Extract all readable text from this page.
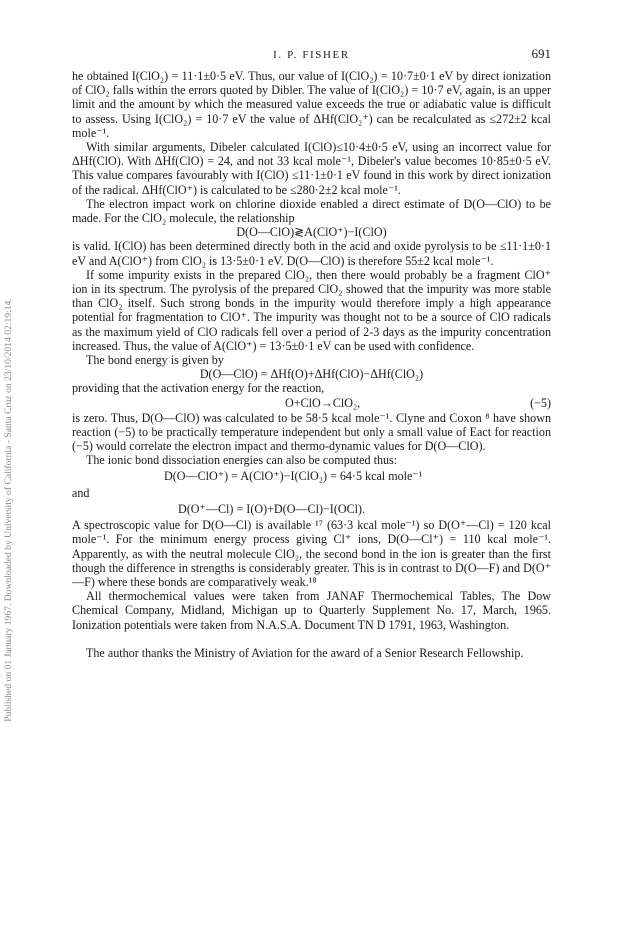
Published on 01 January 1967. Downloaded by University of California - Santa Cruz on 23/10/2014 02:19:14.
I. P. FISHER	691

he obtained I(ClO₂) = 11·1±0·5 eV. Thus, our value of I(ClO₂) = 10·7±0·1 eV by direct ionization of ClO₂ falls within the errors quoted by Dibler. The value of I(ClO₂) = 10·7 eV, again, is an upper limit and the amount by which the measured value exceeds the true or adiabatic value is difficult to assess. Using I(ClO₂) = 10·7 eV the value of ΔHf(ClO₂⁺) can be recalculated as ≤272±2 kcal mole⁻¹.

With similar arguments, Dibeler calculated I(ClO)≤10·4±0·5 eV, using an incorrect value for ΔHf(ClO). With ΔHf(ClO) = 24, and not 33 kcal mole⁻¹, Dibeler's value becomes 10·85±0·5 eV. This value compares favourably with I(ClO) ≤11·1±0·1 eV found in this work by direct ionization of the radical. ΔHf(ClO⁺) is calculated to be ≤280·2±2 kcal mole⁻¹.

The electron impact work on chlorine dioxide enabled a direct estimate of D(O—ClO) to be made. For the ClO₂ molecule, the relationship

D(O—ClO)≷A(ClO⁺)−I(ClO)

is valid. I(ClO) has been determined directly both in the acid and oxide pyrolysis to be ≤11·1±0·1 eV and A(ClO⁺) from ClO₂ is 13·5±0·1 eV. D(O—ClO) is therefore 55±2 kcal mole⁻¹.

If some impurity exists in the prepared ClO₂, then there would probably be a fragment ClO⁺ ion in its spectrum. The pyrolysis of the prepared ClO₂ showed that the impurity was more stable than ClO₂ itself. Such strong bonds in the impurity would therefore imply a high appearance potential for fragmentation to ClO⁺. The impurity was thought not to be a source of ClO radicals as the maximum yield of ClO radicals fell over a period of 2-3 days as the impurity concentration increased. Thus, the value of A(ClO⁺) = 13·5±0·1 eV can be used with confidence.

The bond energy is given by

D(O—ClO) = ΔHf(O)+ΔHf(ClO)−ΔHf(ClO₂)

providing that the activation energy for the reaction,

O+ClO→ClO₂,	(−5)

is zero. Thus, D(O—ClO) was calculated to be 58·5 kcal mole⁻¹. Clyne and Coxon ⁸ have shown reaction (−5) to be practically temperature independent but only a small value of Eact for reaction (−5) would correlate the electron impact and thermo-dynamic values for D(O—ClO).

The ionic bond dissociation energies can also be computed thus:

D(O—ClO⁺) = A(ClO⁺)−I(ClO₂) = 64·5 kcal mole⁻¹
and
D(O⁺—Cl) = I(O)+D(O—Cl)−I(OCl).

A spectroscopic value for D(O—Cl) is available ¹⁷ (63·3 kcal mole⁻¹) so D(O⁺—Cl) = 120 kcal mole⁻¹. For the minimum energy process giving Cl⁺ ions, D(O—Cl⁺) = 110 kcal mole⁻¹. Apparently, as with the neutral molecule ClO₂, the second bond in the ion is greater than the first though the difference in strengths is considerably greater. This is in contrast to D(O—F) and D(O⁺—F) where these bonds are comparatively weak.¹⁸

All thermochemical values were taken from JANAF Thermochemical Tables, The Dow Chemical Company, Midland, Michigan up to Quarterly Supplement No. 17, March, 1965. Ionization potentials were taken from N.A.S.A. Document TN D 1791, 1963, Washington.

The author thanks the Ministry of Aviation for the award of a Senior Research Fellowship.
